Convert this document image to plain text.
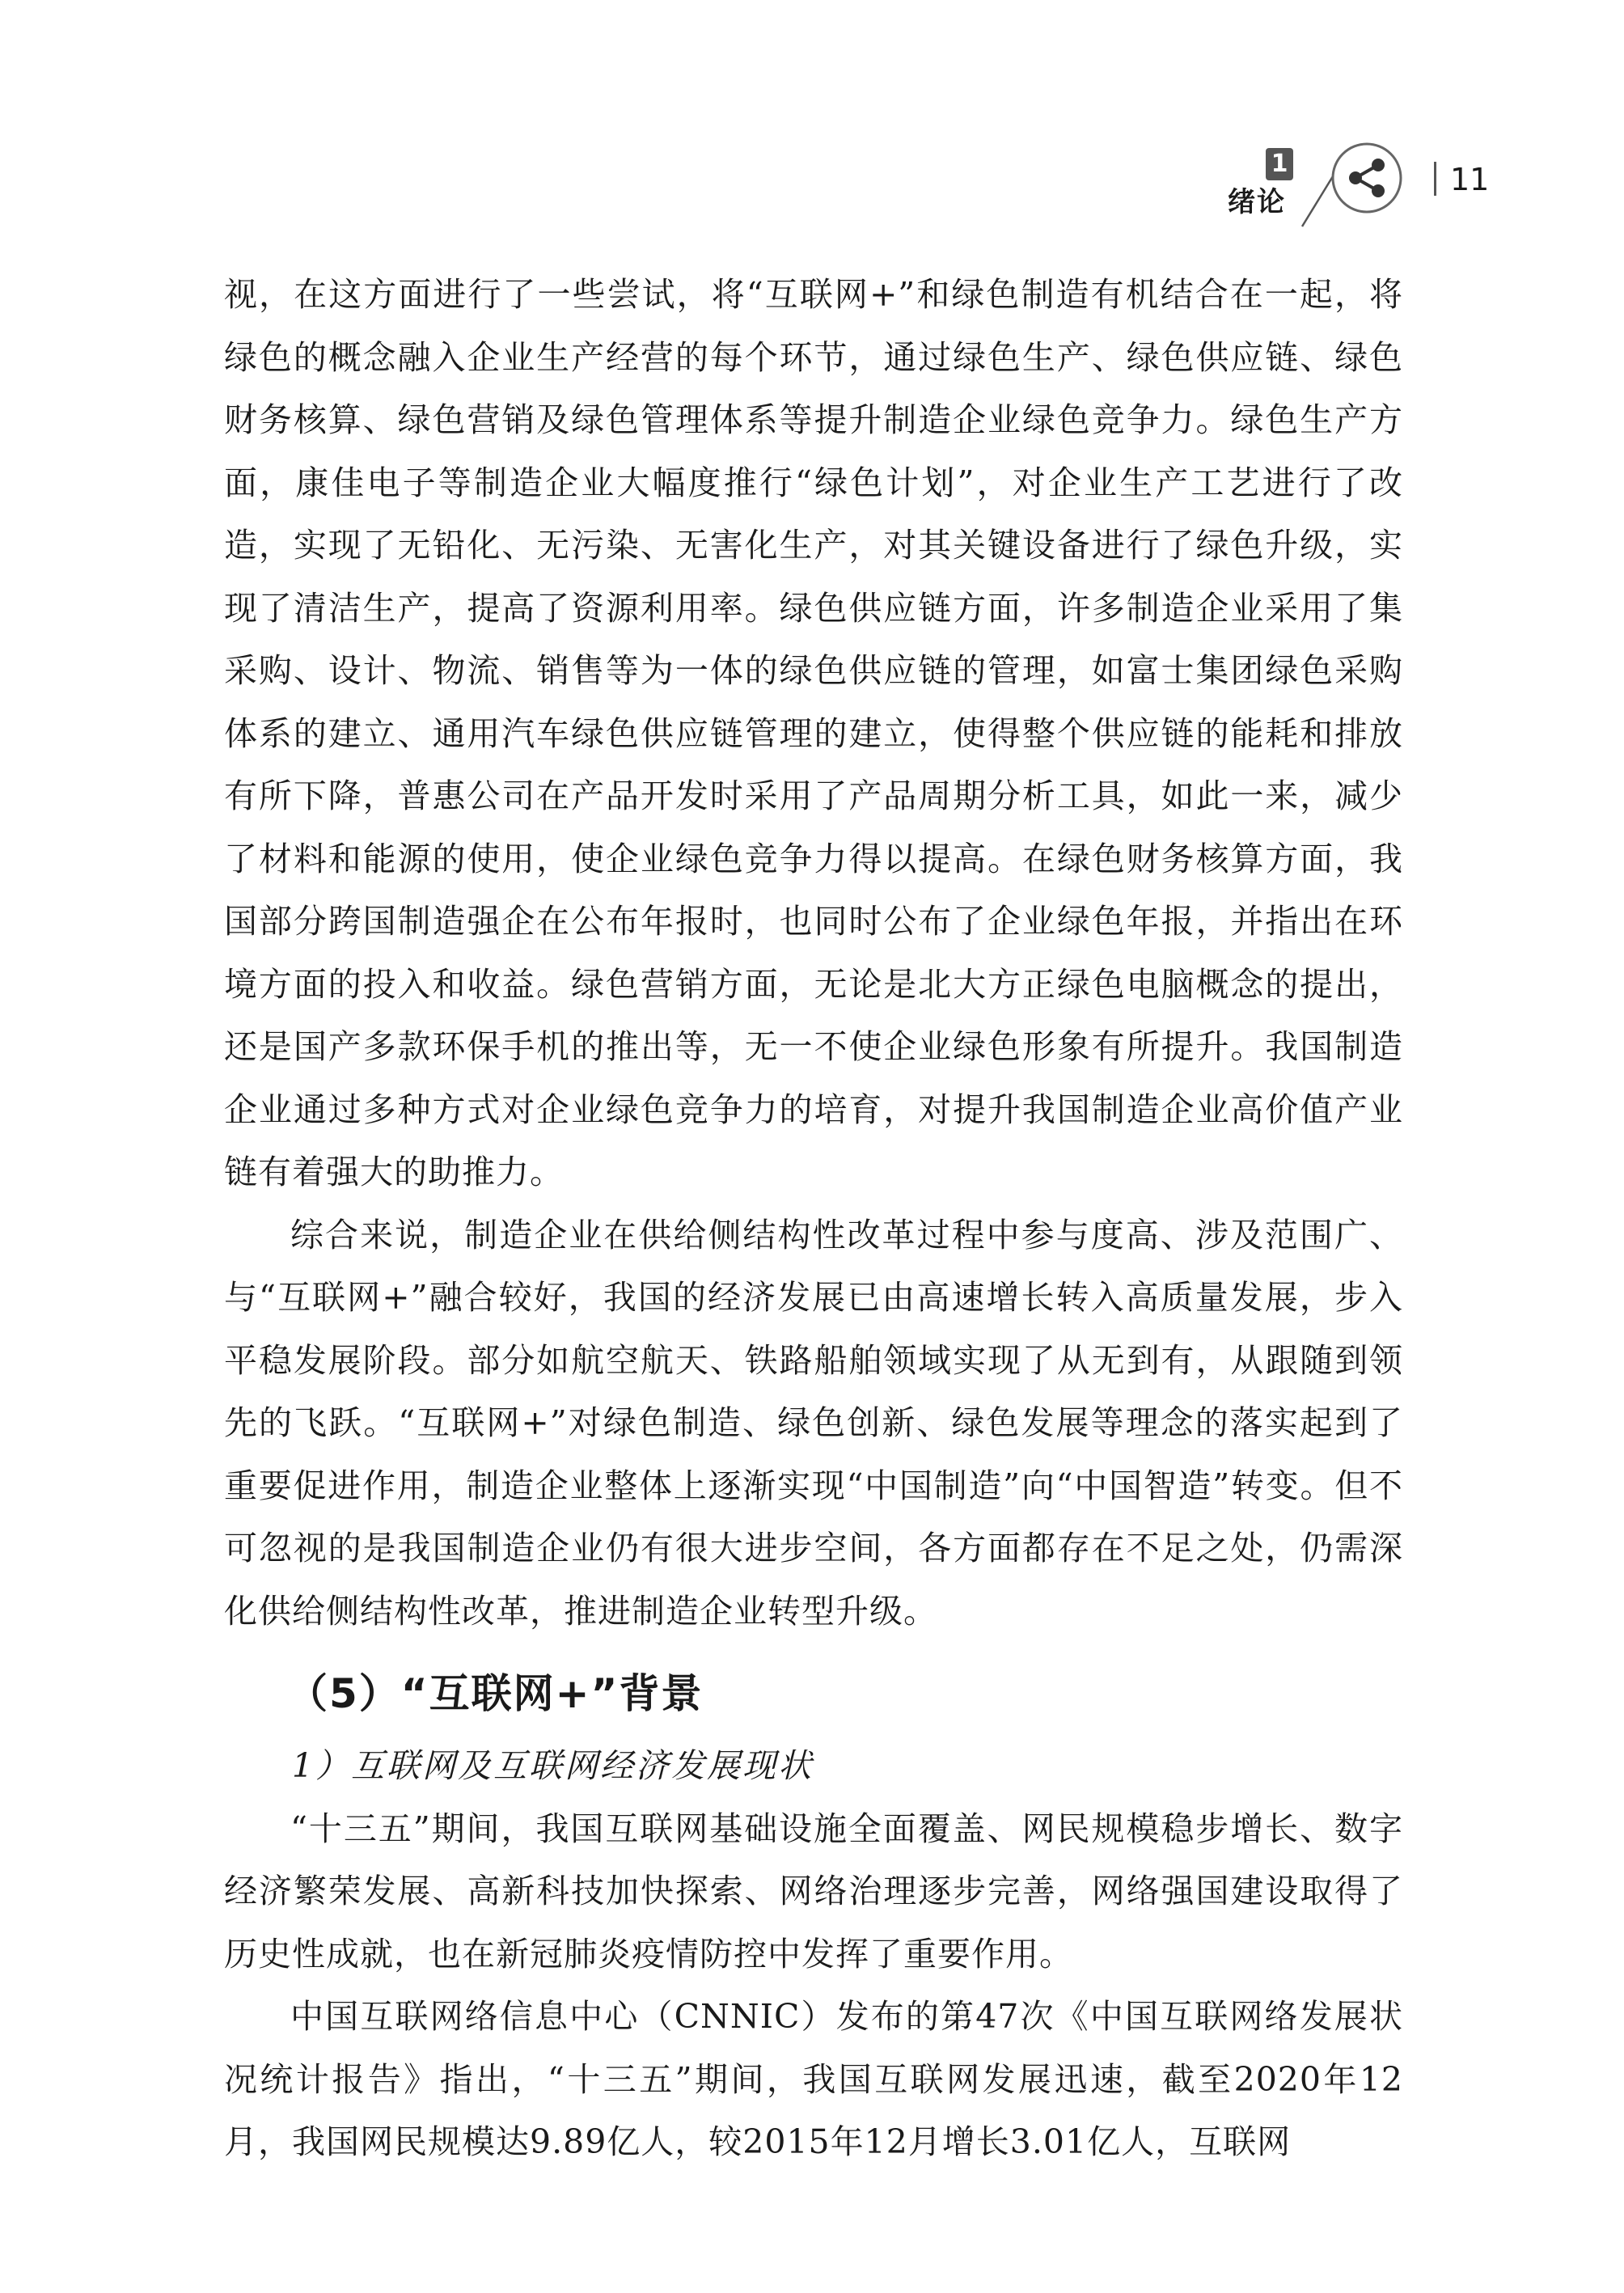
1
绪论
11

视，在这方面进行了一些尝试，将“互联网+”和绿色制造有机结合在一起，将绿色的概念融入企业生产经营的每个环节，通过绿色生产、绿色供应链、绿色财务核算、绿色营销及绿色管理体系等提升制造企业绿色竞争力。绿色生产方面，康佳电子等制造企业大幅度推行“绿色计划”，对企业生产工艺进行了改造，实现了无铅化、无污染、无害化生产，对其关键设备进行了绿色升级，实现了清洁生产，提高了资源利用率。绿色供应链方面，许多制造企业采用了集采购、设计、物流、销售等为一体的绿色供应链的管理，如富士集团绿色采购体系的建立、通用汽车绿色供应链管理的建立，使得整个供应链的能耗和排放有所下降，普惠公司在产品开发时采用了产品周期分析工具，如此一来，减少了材料和能源的使用，使企业绿色竞争力得以提高。在绿色财务核算方面，我国部分跨国制造强企在公布年报时，也同时公布了企业绿色年报，并指出在环境方面的投入和收益。绿色营销方面，无论是北大方正绿色电脑概念的提出，还是国产多款环保手机的推出等，无一不使企业绿色形象有所提升。我国制造企业通过多种方式对企业绿色竞争力的培育，对提升我国制造企业高价值产业链有着强大的助推力。

综合来说，制造企业在供给侧结构性改革过程中参与度高、涉及范围广、与“互联网+”融合较好，我国的经济发展已由高速增长转入高质量发展，步入平稳发展阶段。部分如航空航天、铁路船舶领域实现了从无到有，从跟随到领先的飞跃。“互联网+”对绿色制造、绿色创新、绿色发展等理念的落实起到了重要促进作用，制造企业整体上逐渐实现“中国制造”向“中国智造”转变。但不可忽视的是我国制造企业仍有很大进步空间，各方面都存在不足之处，仍需深化供给侧结构性改革，推进制造企业转型升级。

（5）“互联网+”背景

1）互联网及互联网经济发展现状

“十三五”期间，我国互联网基础设施全面覆盖、网民规模稳步增长、数字经济繁荣发展、高新科技加快探索、网络治理逐步完善，网络强国建设取得了历史性成就，也在新冠肺炎疫情防控中发挥了重要作用。

中国互联网络信息中心（CNNIC）发布的第47次《中国互联网络发展状况统计报告》指出，“十三五”期间，我国互联网发展迅速，截至2020年12月，我国网民规模达9.89亿人，较2015年12月增长3.01亿人，互联网
